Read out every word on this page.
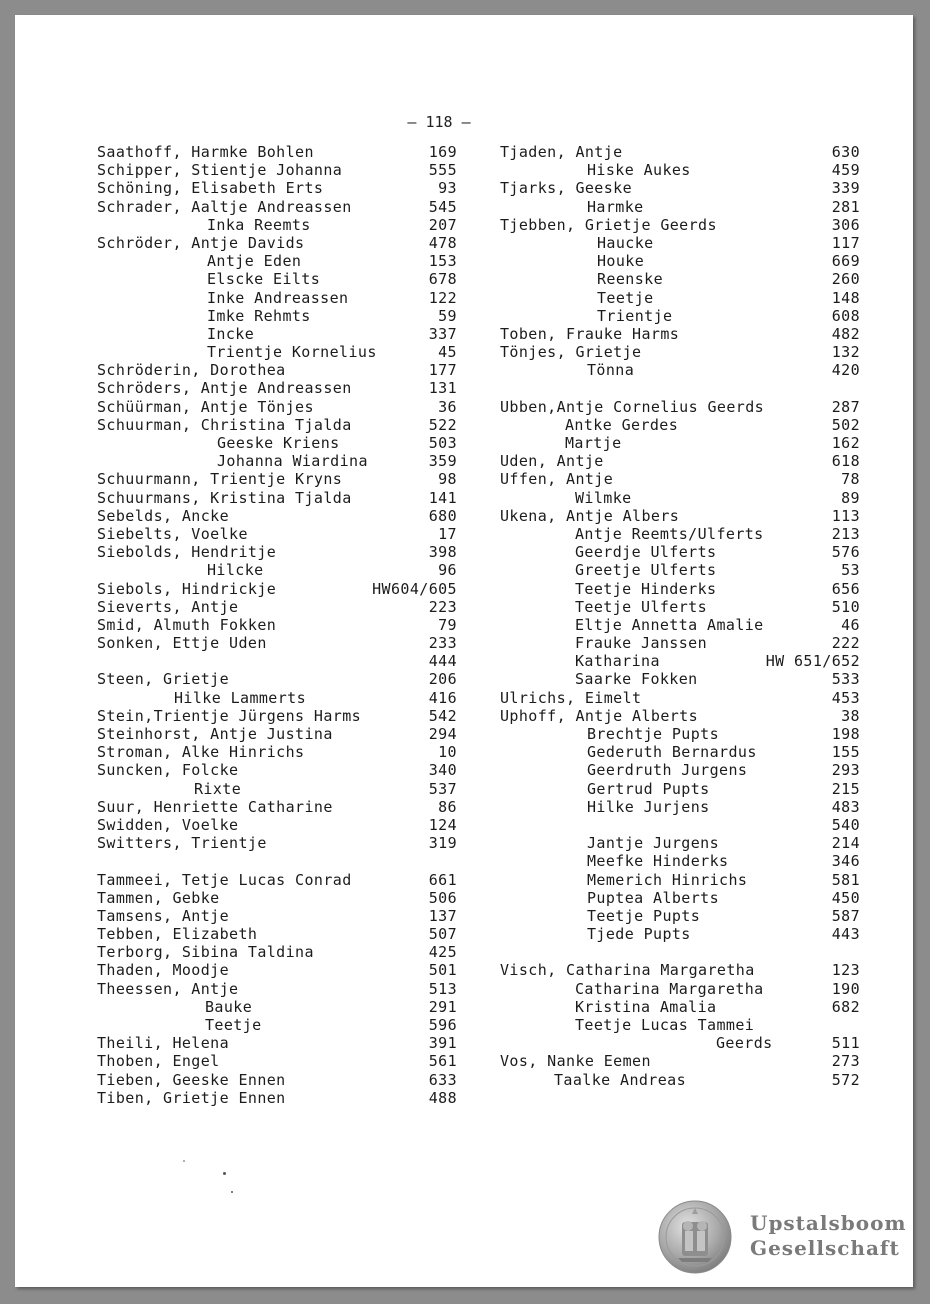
– 118 –
Saathoff, Harmke Bohlen	169
Schipper, Stientje Johanna	555
Schöning, Elisabeth Erts	93
Schrader, Aaltje Andreassen	545
Inka Reemts	207
Schröder, Antje Davids	478
Antje Eden	153
Elscke Eilts	678
Inke Andreassen	122
Imke Rehmts	59
Incke	337
Trientje Kornelius	45
Schröderin, Dorothea	177
Schröders, Antje Andreassen	131
Schüürman, Antje Tönjes	36
Schuurman, Christina Tjalda	522
Geeske Kriens	503
Johanna Wiardina	359
Schuurmann, Trientje Kryns	98
Schuurmans, Kristina Tjalda	141
Sebelds, Ancke	680
Siebelts, Voelke	17
Siebolds, Hendritje	398
Hilcke	96
Siebols, Hindrickje	HW604/605
Sieverts, Antje	223
Smid, Almuth Fokken	79
Sonken, Ettje Uden	233
444
Steen, Grietje	206
Hilke Lammerts	416
Stein,Trientje Jürgens Harms	542
Steinhorst, Antje Justina	294
Stroman, Alke Hinrichs	10
Suncken, Folcke	340
Rixte	537
Suur, Henriette Catharine	86
Swidden, Voelke	124
Switters, Trientje	319
Tammeei, Tetje Lucas Conrad	661
Tammen, Gebke	506
Tamsens, Antje	137
Tebben, Elizabeth	507
Terborg, Sibina Taldina	425
Thaden, Moodje	501
Theessen, Antje	513
Bauke	291
Teetje	596
Theili, Helena	391
Thoben, Engel	561
Tieben, Geeske Ennen	633
Tiben, Grietje Ennen	488
Tjaden, Antje	630
Hiske Aukes	459
Tjarks, Geeske	339
Harmke	281
Tjebben, Grietje Geerds	306
Haucke	117
Houke	669
Reenske	260
Teetje	148
Trientje	608
Toben, Frauke Harms	482
Tönjes, Grietje	132
Tönna	420
Ubben,Antje Cornelius Geerds	287
Antke Gerdes	502
Martje	162
Uden, Antje	618
Uffen, Antje	78
Wilmke	89
Ukena, Antje Albers	113
Antje Reemts/Ulferts	213
Geerdje Ulferts	576
Greetje Ulferts	53
Teetje Hinderks	656
Teetje Ulferts	510
Eltje Annetta Amalie	46
Frauke Janssen	222
Katharina	HW 651/652
Saarke Fokken	533
Ulrichs, Eimelt	453
Uphoff, Antje Alberts	38
Brechtje Pupts	198
Gederuth Bernardus	155
Geerdruth Jurgens	293
Gertrud Pupts	215
Hilke Jurjens	483
540
Jantje Jurgens	214
Meefke Hinderks	346
Memerich Hinrichs	581
Puptea Alberts	450
Teetje Pupts	587
Tjede Pupts	443
Visch, Catharina Margaretha	123
Catharina Margaretha	190
Kristina Amalia	682
Teetje Lucas Tammei
Geerds	511
Vos, Nanke Eemen	273
Taalke Andreas	572
Upstalsboom
Gesellschaft
